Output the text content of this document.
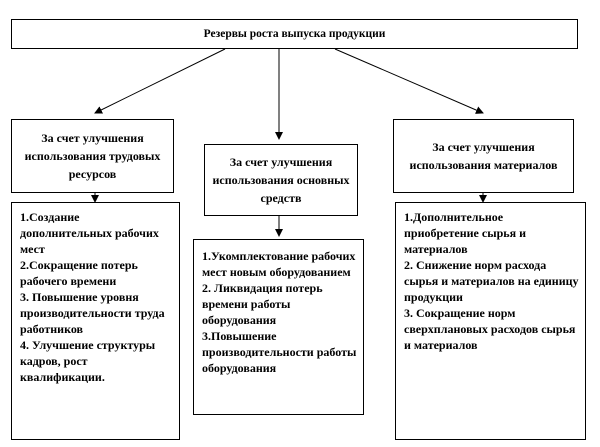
Резервы роста выпуска продукции
За счет улучшения использования трудовых ресурсов
За счет улучшения использования основных средств
За счет улучшения использования материалов
1.Создание дополнительных рабочих мест
2.Сокращение потерь рабочего времени
3. Повышение уровня производительности труда работников
4. Улучшение структуры кадров, рост квалификации.
1.Укомплектование рабочих мест новым оборудованием
2. Ликвидация потерь времени работы оборудования
3.Повышение производительности работы оборудования
1.Дополнительное приобретение сырья и материалов
2. Снижение норм расхода сырья и материалов на единицу продукции
3. Сокращение норм сверхплановых расходов сырья и материалов
